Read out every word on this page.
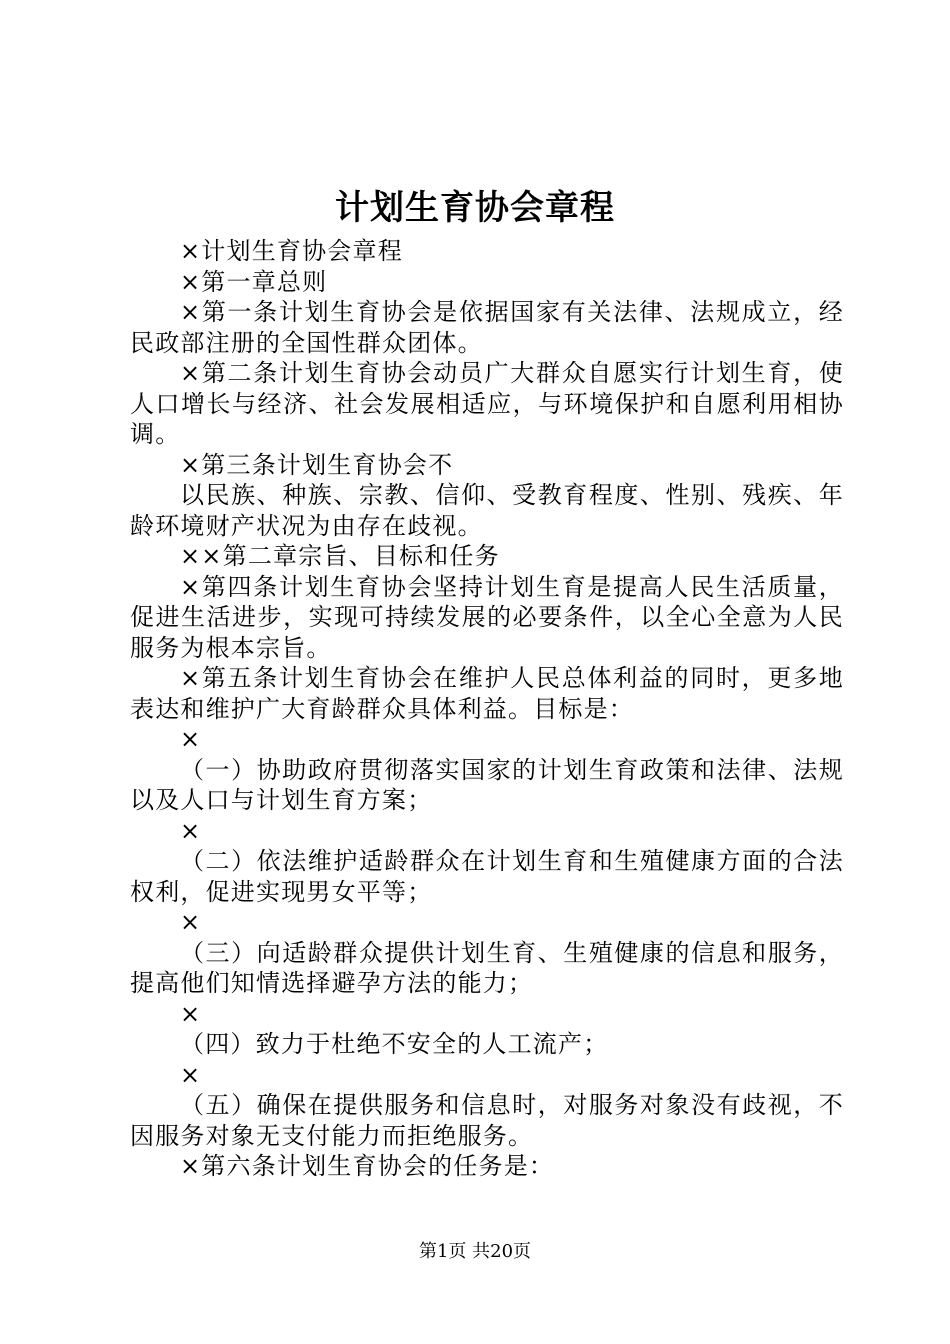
计划生育协会章程

×计划生育协会章程

×第一章总则

×第一条计划生育协会是依据国家有关法律、法规成立，经民政部注册的全国性群众团体。

×第二条计划生育协会动员广大群众自愿实行计划生育，使人口增长与经济、社会发展相适应，与环境保护和自愿利用相协调。

×第三条计划生育协会不

以民族、种族、宗教、信仰、受教育程度、性别、残疾、年龄环境财产状况为由存在歧视。

××第二章宗旨、目标和任务

×第四条计划生育协会坚持计划生育是提高人民生活质量，促进生活进步，实现可持续发展的必要条件，以全心全意为人民服务为根本宗旨。

×第五条计划生育协会在维护人民总体利益的同时，更多地表达和维护广大育龄群众具体利益。目标是：

×

（一）协助政府贯彻落实国家的计划生育政策和法律、法规以及人口与计划生育方案；

×

（二）依法维护适龄群众在计划生育和生殖健康方面的合法权利，促进实现男女平等；

×

（三）向适龄群众提供计划生育、生殖健康的信息和服务，提高他们知情选择避孕方法的能力；

×

（四）致力于杜绝不安全的人工流产；

×

（五）确保在提供服务和信息时，对服务对象没有歧视，不因服务对象无支付能力而拒绝服务。

×第六条计划生育协会的任务是：

第1页 共20页
